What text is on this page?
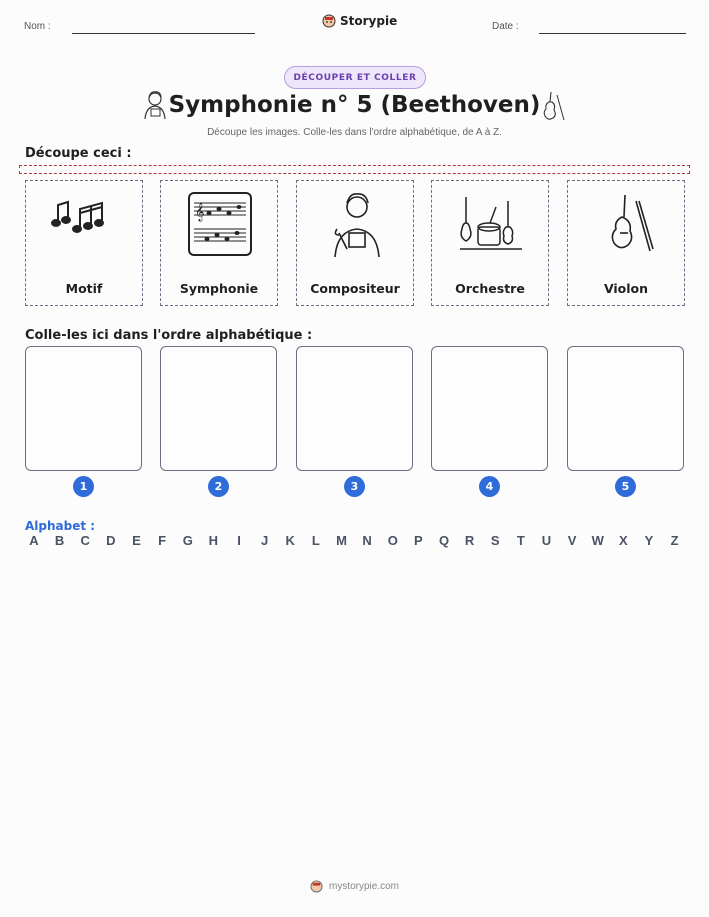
Nom :	Storypie	Date :
DÉCOUPER ET COLLER
Symphonie n° 5 (Beethoven)
Découpe les images. Colle-les dans l'ordre alphabétique, de A à Z.
Découpe ceci :
Motif
𝄞
Symphonie	Compositeur	Orchestre	Violon
Colle-les ici dans l'ordre alphabétique :
1	2	3	4	5
Alphabet :
A	B	C	D	E	F	G	H	I	J	K	L	M	N	O	P	Q	R	S	T	U	V	W	X	Y	Z
mystorypie.com
